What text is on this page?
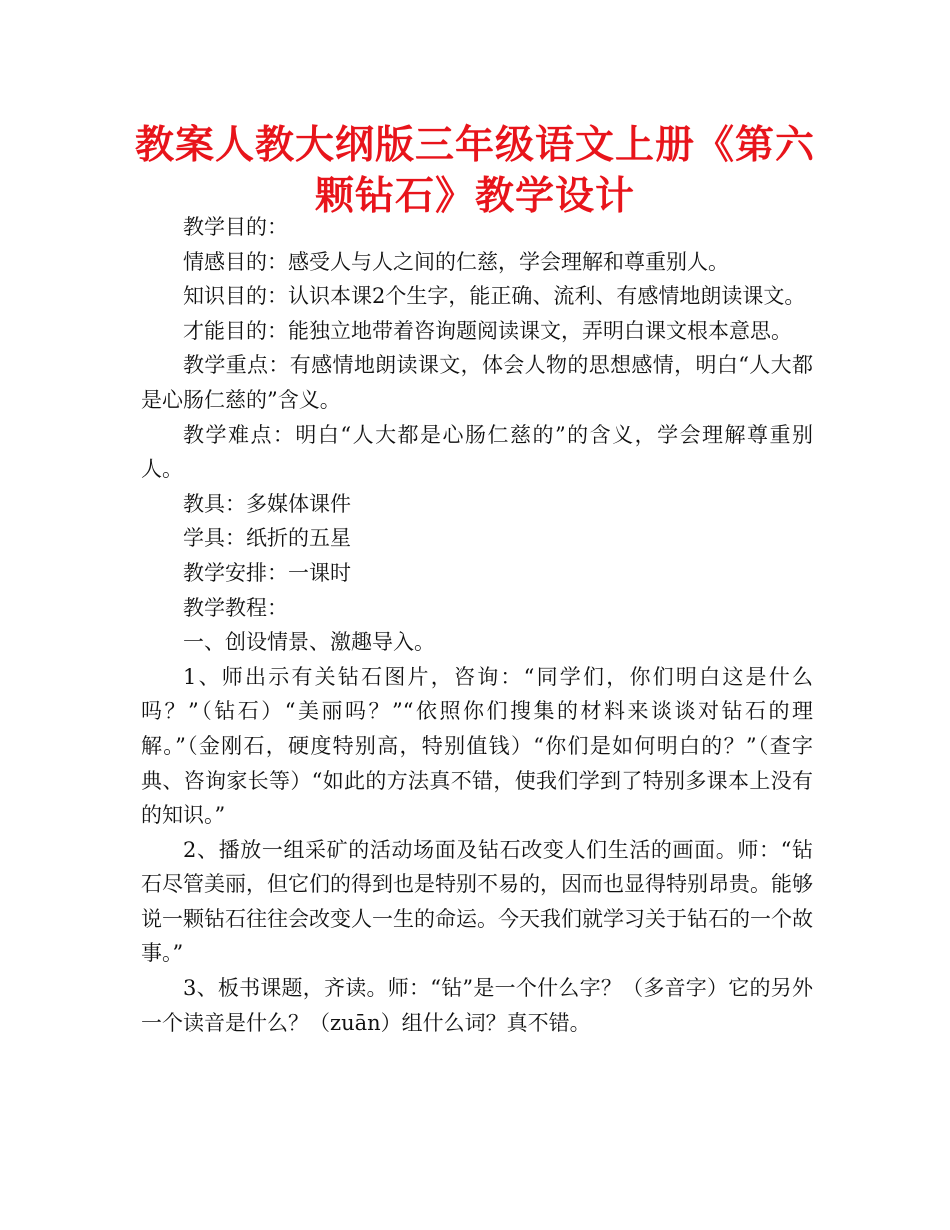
教案人教大纲版三年级语文上册《第六颗钻石》教学设计

教学目的：

情感目的：感受人与人之间的仁慈，学会理解和尊重别人。

知识目的：认识本课2个生字，能正确、流利、有感情地朗读课文。

才能目的：能独立地带着咨询题阅读课文，弄明白课文根本意思。

教学重点：有感情地朗读课文，体会人物的思想感情，明白“人大都是心肠仁慈的”含义。

教学难点：明白“人大都是心肠仁慈的”的含义，学会理解尊重别人。

教具：多媒体课件

学具：纸折的五星

教学安排：一课时

教学教程：

一、创设情景、激趣导入。

1、师出示有关钻石图片，咨询：“同学们，你们明白这是什么吗？”（钻石）“美丽吗？”“依照你们搜集的材料来谈谈对钻石的理解。”（金刚石，硬度特别高，特别值钱）“你们是如何明白的？”（查字典、咨询家长等）“如此的方法真不错，使我们学到了特别多课本上没有的知识。”

2、播放一组采矿的活动场面及钻石改变人们生活的画面。师：“钻石尽管美丽，但它们的得到也是特别不易的，因而也显得特别昂贵。能够说一颗钻石往往会改变人一生的命运。今天我们就学习关于钻石的一个故事。”

3、板书课题，齐读。师：“钻”是一个什么字？（多音字）它的另外一个读音是什么？（zuān）组什么词？真不错。
